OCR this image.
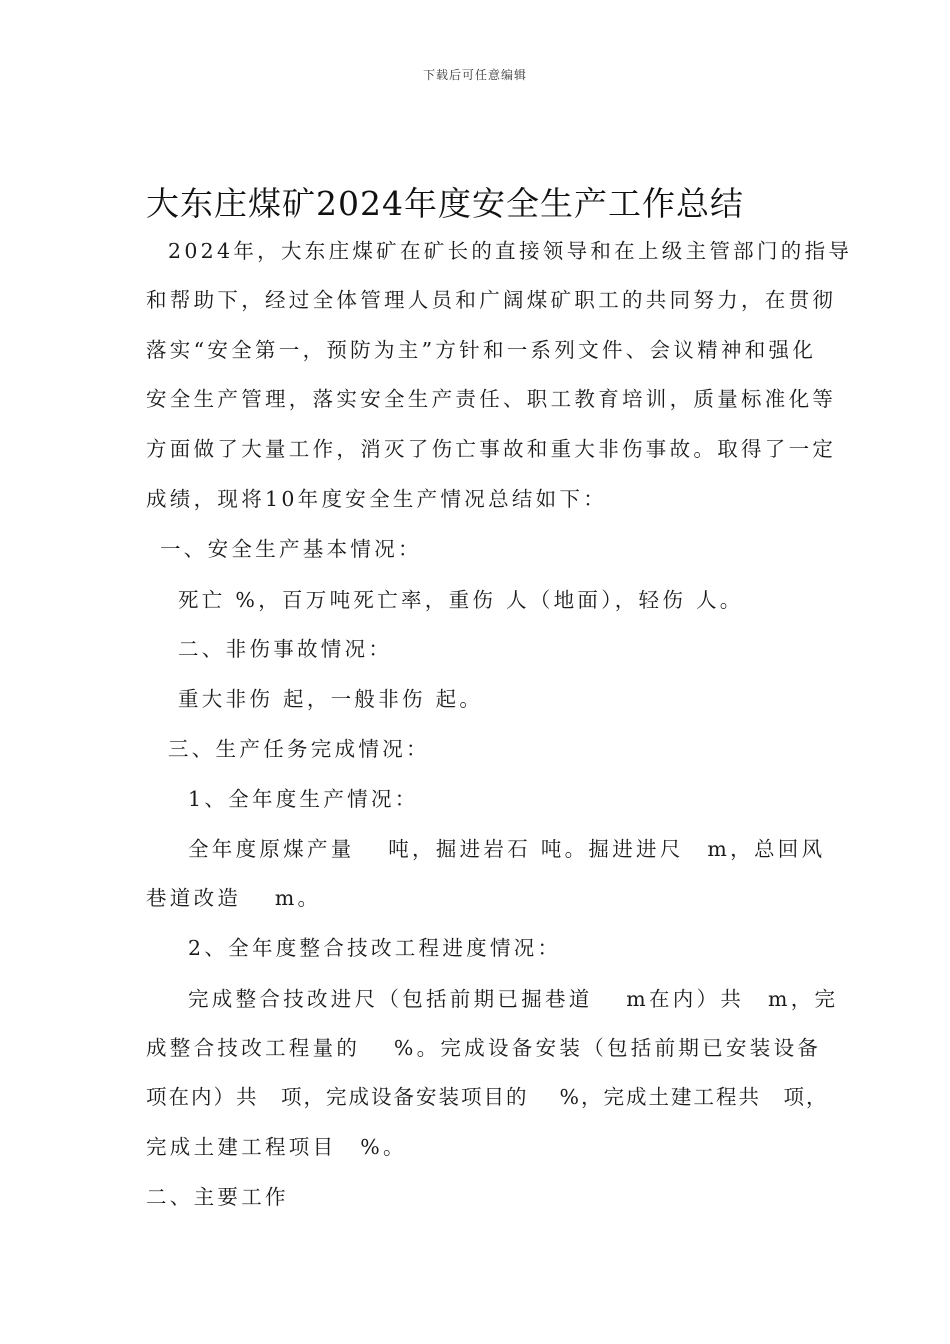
下载后可任意编辑
大东庄煤矿2024年度安全生产工作总结
2024年，大东庄煤矿在矿长的直接领导和在上级主管部门的指导
和帮助下，经过全体管理人员和广阔煤矿职工的共同努力，在贯彻
落实“安全第一，预防为主”方针和一系列文件、会议精神和强化
安全生产管理，落实安全生产责任、职工教育培训，质量标准化等
方面做了大量工作，消灭了伤亡事故和重大非伤事故。取得了一定
成绩，现将10年度安全生产情况总结如下：
一、安全生产基本情况：
死亡 %，百万吨死亡率，重伤 人（地面），轻伤 人。
二、非伤事故情况：
重大非伤 起，一般非伤 起。
三、生产任务完成情况：
1、全年度生产情况：
全年度原煤产量　 吨，掘进岩石 吨。掘进进尺　m，总回风
巷道改造　 m。
2、全年度整合技改工程进度情况：
完成整合技改进尺（包括前期已掘巷道　 m在内）共　m，完
成整合技改工程量的　 %。完成设备安装（包括前期已安装设备
项在内）共　项，完成设备安装项目的　 %，完成土建工程共　项，
完成土建工程项目　%。
二、主要工作
